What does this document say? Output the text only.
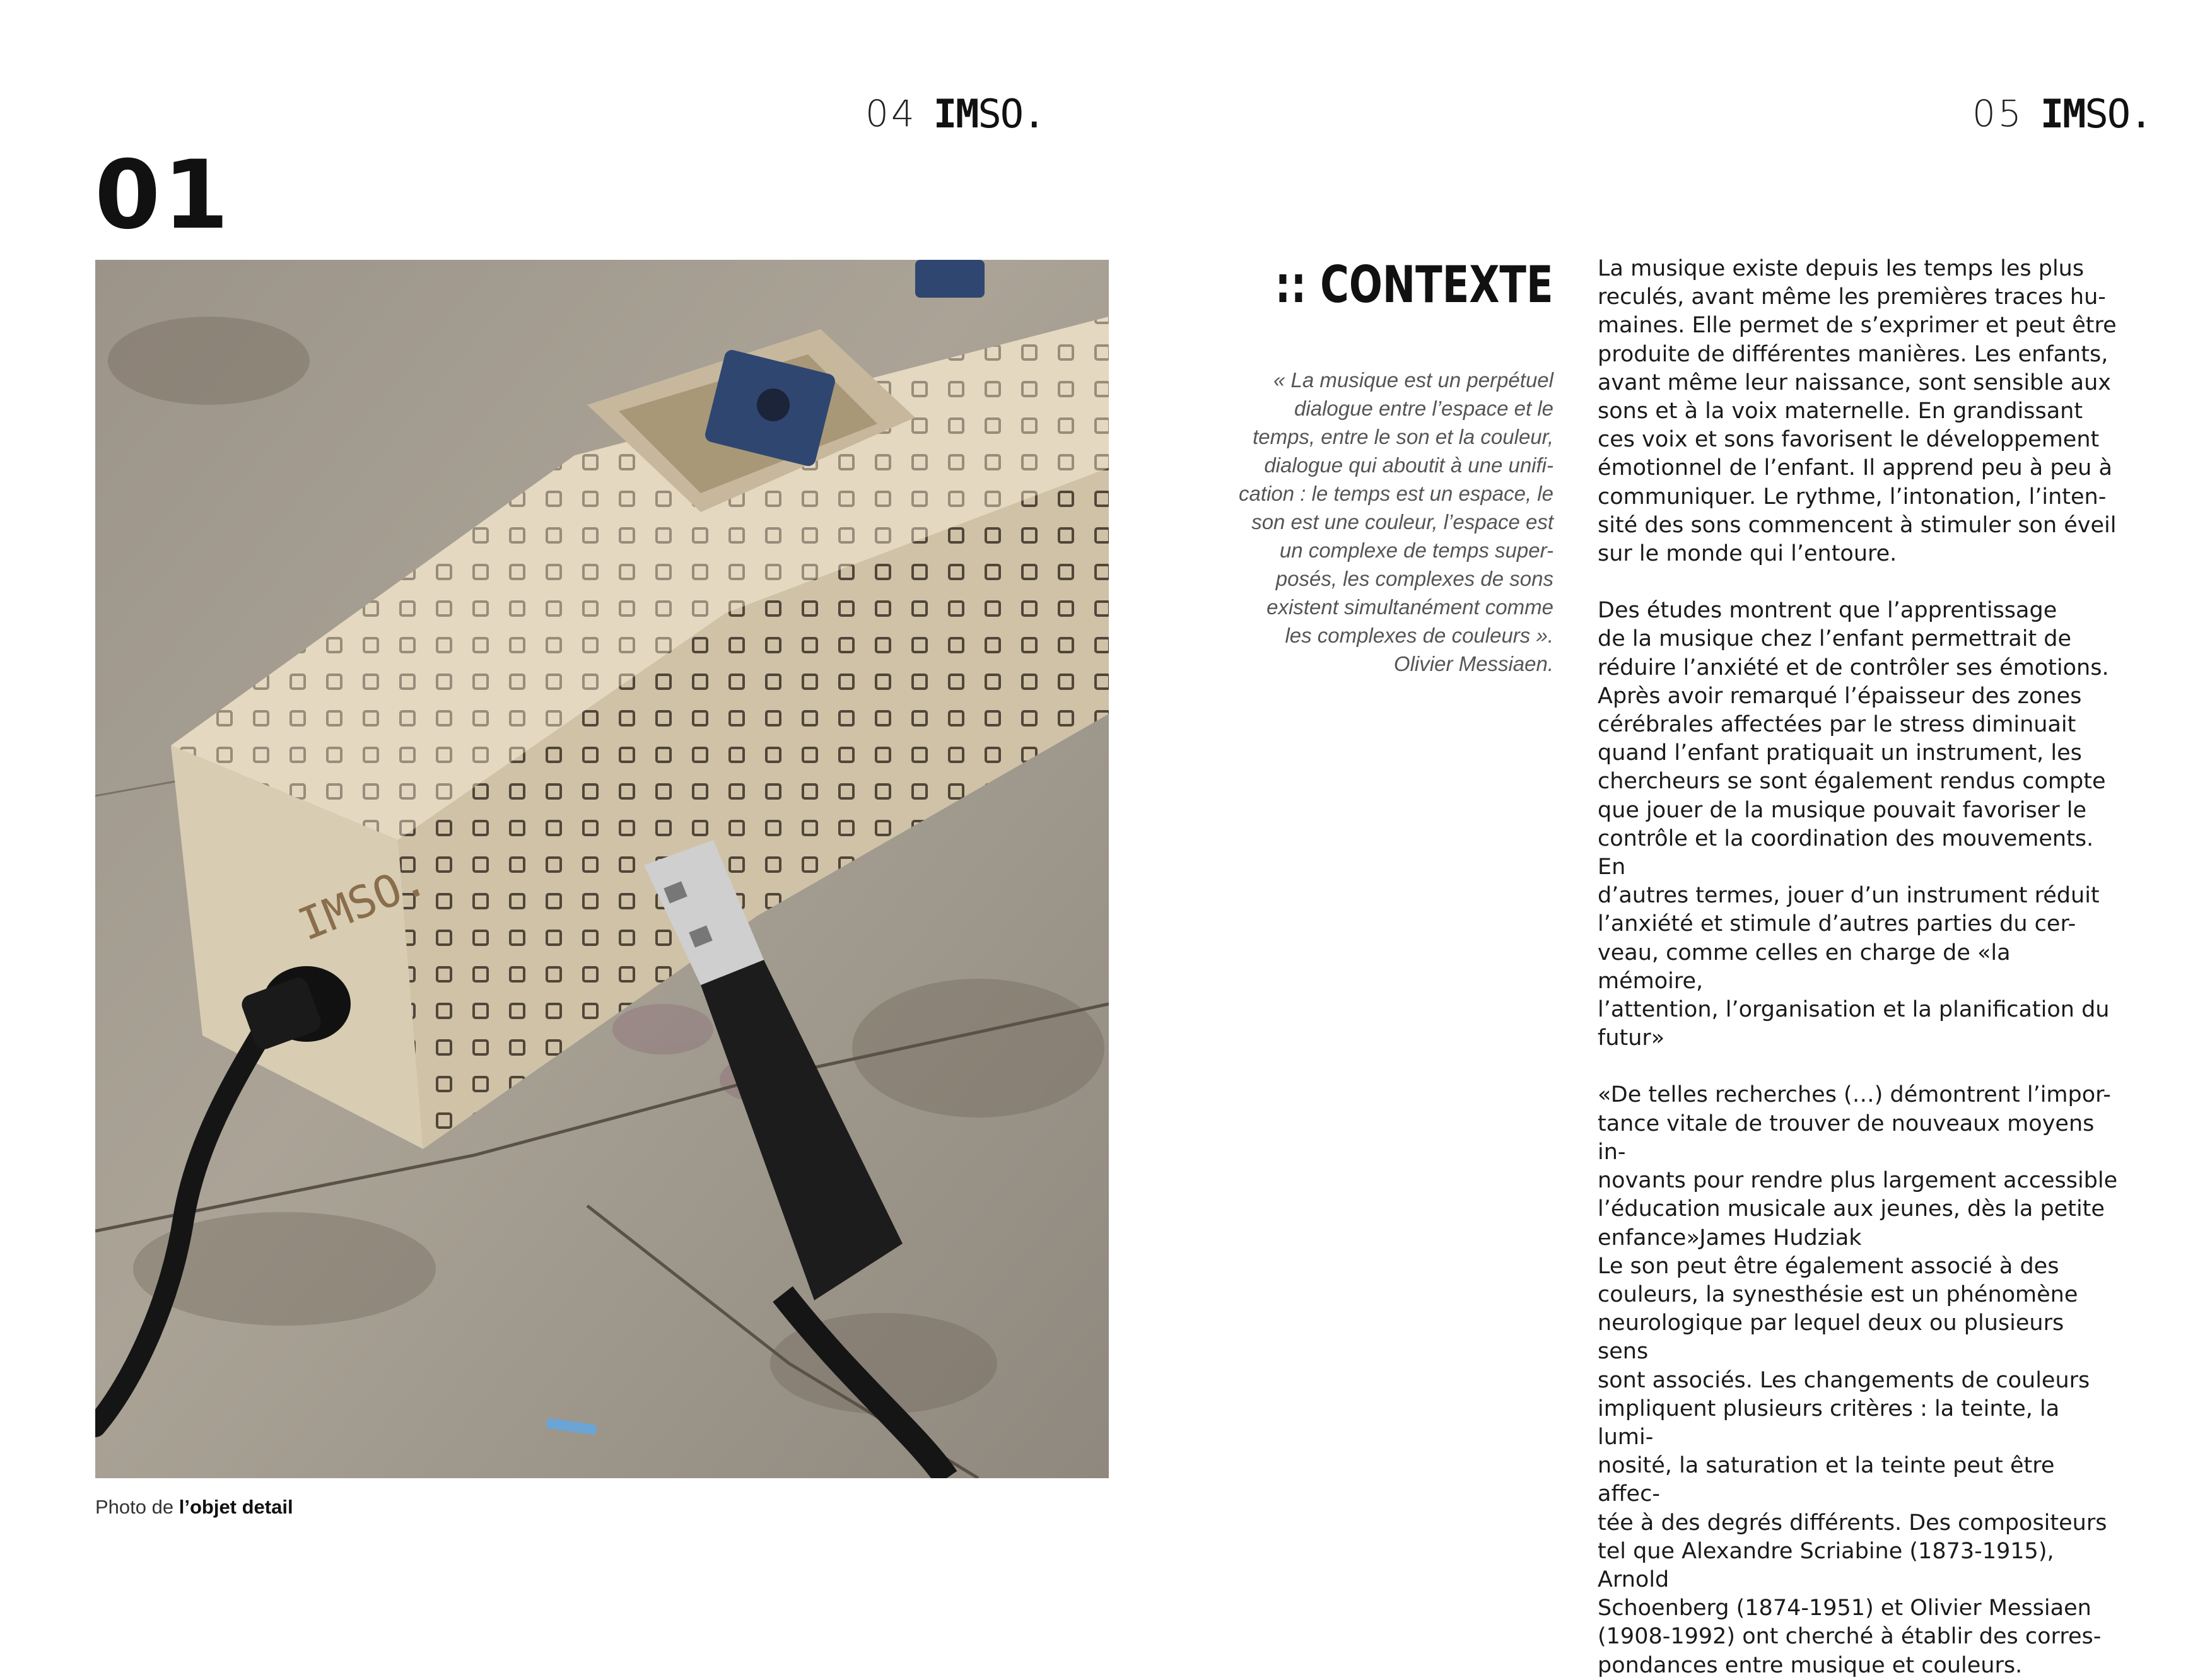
04 IMSO.	05 IMSO.
01
IMSO.
Photo de l’objet detail
:: CONTEXTE

« La musique est un perpétuel

dialogue entre l’espace et le

temps, entre le son et la couleur,

dialogue qui aboutit à une unifi-

cation : le temps est un espace, le

son est une couleur, l’espace est

un complexe de temps super-

posés, les complexes de sons

existent simultanément comme

les complexes de couleurs ».

Olivier Messiaen.

La musique existe depuis les temps les plus

reculés, avant même les premières traces hu-

maines. Elle permet de s’exprimer et peut être

produite de différentes manières. Les enfants,

avant même leur naissance, sont sensible aux

sons et à la voix maternelle. En grandissant

ces voix et sons favorisent le développement

émotionnel de l’enfant. Il apprend peu à peu à

communiquer. Le rythme, l’intonation, l’inten-

sité des sons commencent à stimuler son éveil

sur le monde qui l’entoure.

Des études montrent que l’apprentissage

de la musique chez l’enfant permettrait de

réduire l’anxiété et de contrôler ses émotions.

Après avoir remarqué l’épaisseur des zones

cérébrales affectées par le stress diminuait

quand l’enfant pratiquait un instrument, les

chercheurs se sont également rendus compte

que jouer de la musique pouvait favoriser le

contrôle et la coordination des mouvements. En

d’autres termes, jouer d’un instrument réduit

l’anxiété et stimule d’autres parties du cer-

veau, comme celles en charge de «la mémoire,

l’attention, l’organisation et la planification du

futur»

«De telles recherches (…) démontrent l’impor-

tance vitale de trouver de nouveaux moyens in-

novants pour rendre plus largement accessible

l’éducation musicale aux jeunes, dès la petite

enfance»James Hudziak

Le son peut être également associé à des

couleurs, la synesthésie est un phénomène

neurologique par lequel deux ou plusieurs sens

sont associés. Les changements de couleurs

impliquent plusieurs critères : la teinte, la lumi-

nosité, la saturation et la teinte peut être affec-

tée à des degrés différents. Des compositeurs

tel que Alexandre Scriabine (1873-1915), Arnold

Schoenberg (1874-1951) et Olivier Messiaen

(1908-1992) ont cherché à établir des corres-

pondances entre musique et couleurs.
